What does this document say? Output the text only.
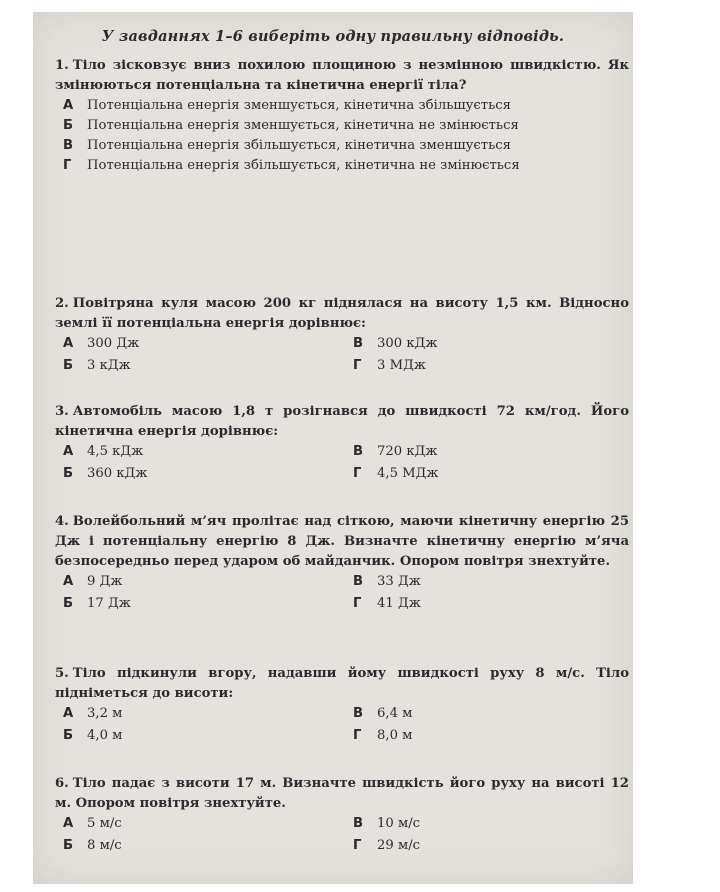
У завданнях 1–6 виберіть одну правильну відповідь.
1. Тіло зісковзує вниз похилою площиною з незмінною швидкістю. Як змінюються потенціальна та кінетична енергії тіла?
А	Потенціальна енергія зменшується, кінетична збільшується
Б	Потенціальна енергія зменшується, кінетична не змінюється
В	Потенціальна енергія збільшується, кінетична зменшується
Г	Потенціальна енергія збільшується, кінетична не змінюється
2. Повітряна куля масою 200 кг піднялася на висоту 1,5 км. Відносно землі її потенціальна енергія дорівнює:
А	300 Дж	В	300 кДж
Б	3 кДж	Г	3 МДж
3. Автомобіль масою 1,8 т розігнався до швидкості 72 км/год. Його кінетична енергія дорівнює:
А	4,5 кДж	В	720 кДж
Б	360 кДж	Г	4,5 МДж
4. Волейбольний м’яч пролітає над сіткою, маючи кінетичну енергію 25 Дж і потенціальну енергію 8 Дж. Визначте кінетичну енергію м’яча безпосередньо перед ударом об майданчик. Опором повітря знехтуйте.
А	9 Дж	В	33 Дж
Б	17 Дж	Г	41 Дж
5. Тіло підкинули вгору, надавши йому швидкості руху 8 м/с. Тіло підніметься до висоти:
А	3,2 м	В	6,4 м
Б	4,0 м	Г	8,0 м
6. Тіло падає з висоти 17 м. Визначте швидкість його руху на висоті 12 м. Опором повітря знехтуйте.
А	5 м/с	В	10 м/с
Б	8 м/с	Г	29 м/с
